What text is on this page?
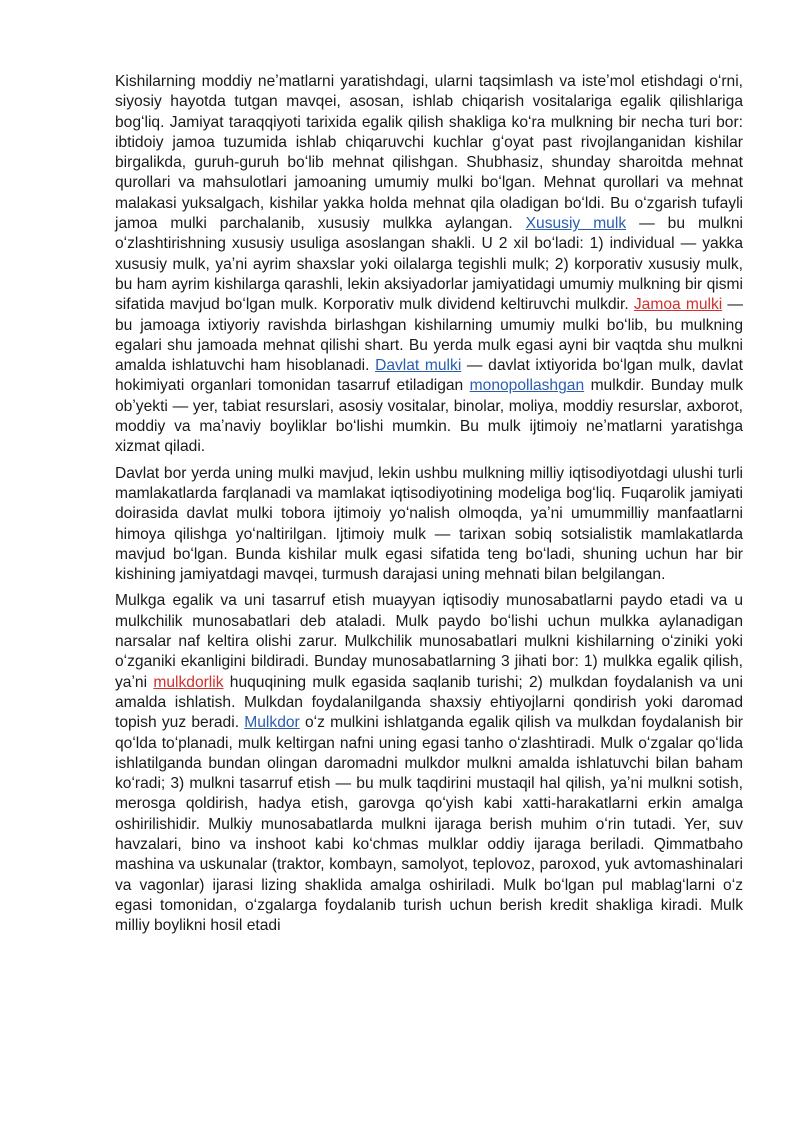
Kishilarning moddiy neʼmatlarni yaratishdagi, ularni taqsimlash va isteʼmol etishdagi oʻrni, siyosiy hayotda tutgan mavqei, asosan, ishlab chiqarish vositalariga egalik qilishlariga bogʻliq. Jamiyat taraqqiyoti tarixida egalik qilish shakliga koʻra mulkning bir necha turi bor: ibtidoiy jamoa tuzumida ishlab chiqaruvchi kuchlar gʻoyat past rivojlanganidan kishilar birgalikda, guruh-guruh boʻlib mehnat qilishgan. Shubhasiz, shunday sharoitda mehnat qurollari va mahsulotlari jamoaning umumiy mulki boʻlgan. Mehnat qurollari va mehnat malakasi yuksalgach, kishilar yakka holda mehnat qila oladigan boʻldi. Bu oʻzgarish tufayli jamoa mulki parchalanib, xususiy mulkka aylangan. Xususiy mulk — bu mulkni oʻzlashtirishning xususiy usuliga asoslangan shakli. U 2 xil boʻladi: 1) individual — yakka xususiy mulk, yaʼni ayrim shaxslar yoki oilalarga tegishli mulk; 2) korporativ xususiy mulk, bu ham ayrim kishilarga qarashli, lekin aksiyadorlar jamiyatidagi umumiy mulkning bir qismi sifatida mavjud boʻlgan mulk. Korporativ mulk dividend keltiruvchi mulkdir. Jamoa mulki — bu jamoaga ixtiyoriy ravishda birlashgan kishilarning umumiy mulki boʻlib, bu mulkning egalari shu jamoada mehnat qilishi shart. Bu yerda mulk egasi ayni bir vaqtda shu mulkni amalda ishlatuvchi ham hisoblanadi. Davlat mulki — davlat ixtiyorida boʻlgan mulk, davlat hokimiyati organlari tomonidan tasarruf etiladigan monopollashgan mulkdir. Bunday mulk obʼyekti — yer, tabiat resurslari, asosiy vositalar, binolar, moliya, moddiy resurslar, axborot, moddiy va maʼnaviy boyliklar boʻlishi mumkin. Bu mulk ijtimoiy neʼmatlarni yaratishga xizmat qiladi.

Davlat bor yerda uning mulki mavjud, lekin ushbu mulkning milliy iqtisodiyotdagi ulushi turli mamlakatlarda farqlanadi va mamlakat iqtisodiyotining modeliga bogʻliq. Fuqarolik jamiyati doirasida davlat mulki tobora ijtimoiy yoʻnalish olmoqda, yaʼni umummilliy manfaatlarni himoya qilishga yoʻnaltirilgan. Ijtimoiy mulk — tarixan sobiq sotsialistik mamlakatlarda mavjud boʻlgan. Bunda kishilar mulk egasi sifatida teng boʻladi, shuning uchun har bir kishining jamiyatdagi mavqei, turmush darajasi uning mehnati bilan belgilangan.

Mulkga egalik va uni tasarruf etish muayyan iqtisodiy munosabatlarni paydo etadi va u mulkchilik munosabatlari deb ataladi. Mulk paydo boʻlishi uchun mulkka aylanadigan narsalar naf keltira olishi zarur. Mulkchilik munosabatlari mulkni kishilarning oʻziniki yoki oʻzganiki ekanligini bildiradi. Bunday munosabatlarning 3 jihati bor: 1) mulkka egalik qilish, yaʼni mulkdorlik huquqining mulk egasida saqlanib turishi; 2) mulkdan foydalanish va uni amalda ishlatish. Mulkdan foydalanilganda shaxsiy ehtiyojlarni qondirish yoki daromad topish yuz beradi. Mulkdor oʻz mulkini ishlatganda egalik qilish va mulkdan foydalanish bir qoʻlda toʻplanadi, mulk keltirgan nafni uning egasi tanho oʻzlashtiradi. Mulk oʻzgalar qoʻlida ishlatilganda bundan olingan daromadni mulkdor mulkni amalda ishlatuvchi bilan baham koʻradi; 3) mulkni tasarruf etish — bu mulk taqdirini mustaqil hal qilish, yaʼni mulkni sotish, merosga qoldirish, hadya etish, garovga qoʻyish kabi xatti-harakatlarni erkin amalga oshirilishidir. Mulkiy munosabatlarda mulkni ijaraga berish muhim oʻrin tutadi. Yer, suv havzalari, bino va inshoot kabi koʻchmas mulklar oddiy ijaraga beriladi. Qimmatbaho mashina va uskunalar (traktor, kombayn, samolyot, teplovoz, paroxod, yuk avtomashinalari va vagonlar) ijarasi lizing shaklida amalga oshiriladi. Mulk boʻlgan pul mablagʻlarni oʻz egasi tomonidan, oʻzgalarga foydalanib turish uchun berish kredit shakliga kiradi. Mulk milliy boylikni hosil etadi
